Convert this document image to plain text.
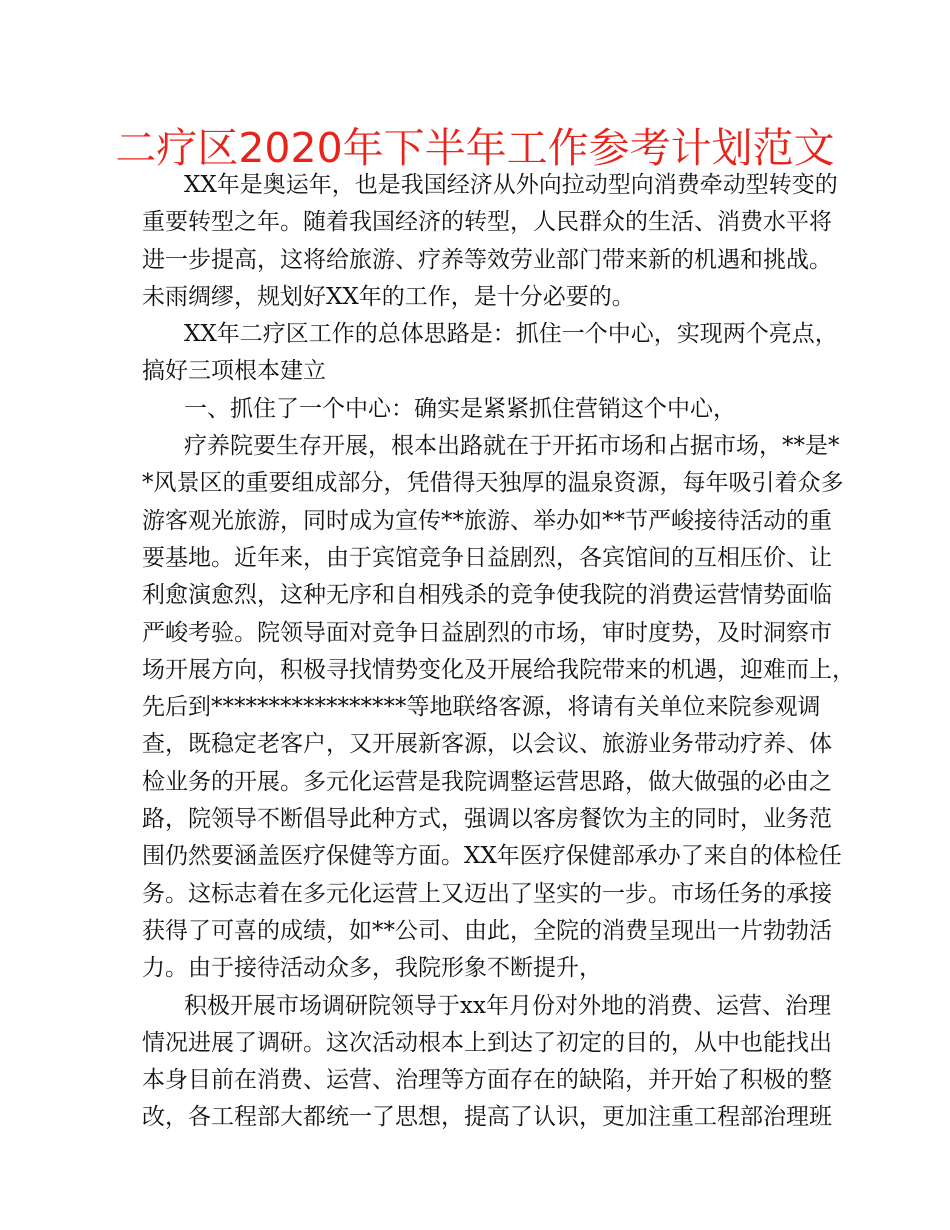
二疗区2020年下半年工作参考计划范文
XX年是奥运年，也是我国经济从外向拉动型向消费牵动型转变的
重要转型之年。随着我国经济的转型，人民群众的生活、消费水平将
进一步提高，这将给旅游、疗养等效劳业部门带来新的机遇和挑战。
未雨绸缪，规划好XX年的工作，是十分必要的。
XX年二疗区工作的总体思路是：抓住一个中心，实现两个亮点，
搞好三项根本建立
一、抓住了一个中心：确实是紧紧抓住营销这个中心，
疗养院要生存开展，根本出路就在于开拓市场和占据市场，**是*
*风景区的重要组成部分，凭借得天独厚的温泉资源，每年吸引着众多
游客观光旅游，同时成为宣传**旅游、举办如**节严峻接待活动的重
要基地。近年来，由于宾馆竞争日益剧烈，各宾馆间的互相压价、让
利愈演愈烈，这种无序和自相残杀的竞争使我院的消费运营情势面临
严峻考验。院领导面对竞争日益剧烈的市场，审时度势，及时洞察市
场开展方向，积极寻找情势变化及开展给我院带来的机遇，迎难而上，
先后到*****************等地联络客源，将请有关单位来院参观调
查，既稳定老客户，又开展新客源，以会议、旅游业务带动疗养、体
检业务的开展。多元化运营是我院调整运营思路，做大做强的必由之
路，院领导不断倡导此种方式，强调以客房餐饮为主的同时，业务范
围仍然要涵盖医疗保健等方面。XX年医疗保健部承办了来自的体检任
务。这标志着在多元化运营上又迈出了坚实的一步。市场任务的承接
获得了可喜的成绩，如**公司、由此，全院的消费呈现出一片勃勃活
力。由于接待活动众多，我院形象不断提升，
积极开展市场调研院领导于xx年月份对外地的消费、运营、治理
情况进展了调研。这次活动根本上到达了初定的目的，从中也能找出
本身目前在消费、运营、治理等方面存在的缺陷，并开始了积极的整
改，各工程部大都统一了思想，提高了认识，更加注重工程部治理班
